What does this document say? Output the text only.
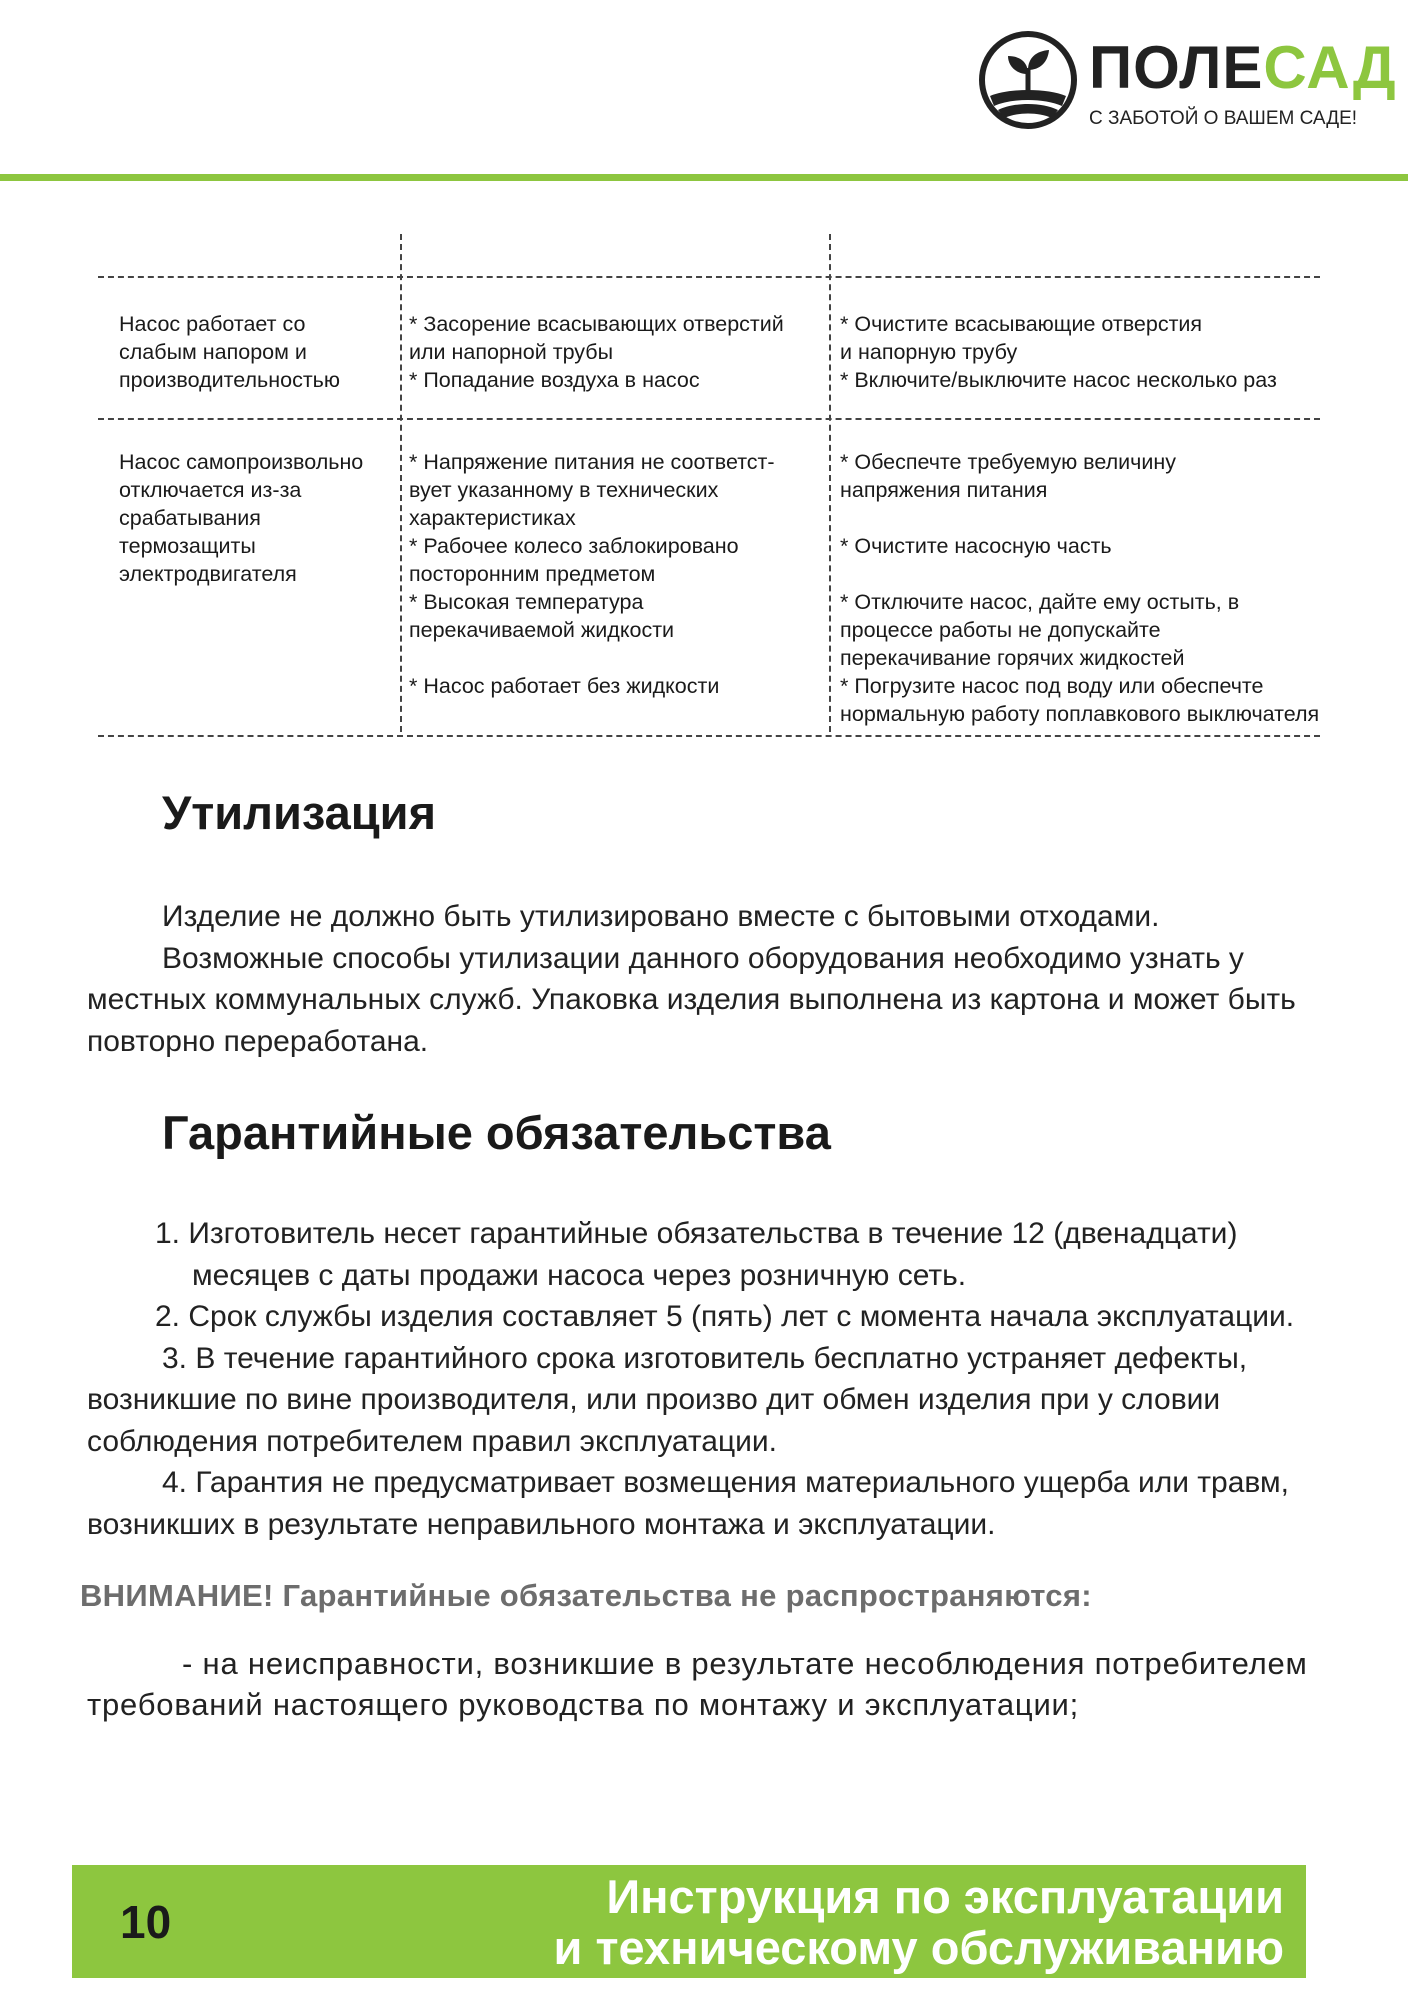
ПОЛЕСАД
С ЗАБОТОЙ О ВАШЕМ САДЕ!
Насос работает со
слабым напором и
производительностью
* Засорение всасывающих отверстий
или напорной трубы
* Попадание воздуха в насос
* Очистите всасывающие отверстия
и напорную трубу
* Включите/выключите насос несколько раз
Насос самопроизвольно
отключается из-за
срабатывания
термозащиты
электродвигателя
* Напряжение питания не соответст-
вует указанному в технических
характеристиках
* Рабочее колесо заблокировано
посторонним предметом
* Высокая температура
перекачиваемой жидкости

* Насос работает без жидкости
* Обеспечте требуемую величину
напряжения питания

* Очистите насосную часть

* Отключите насос, дайте ему остыть, в
процессе работы не допускайте
перекачивание горячих жидкостей
* Погрузите насос под воду или обеспечте
нормальную работу поплавкового выключателя
Утилизация

Изделие не должно быть утилизировано вместе с бытовыми отходами.
Возможные способы утилизации данного оборудования необходимо узнать у местных коммунальных служб. Упаковка изделия выполнена из картона и может быть повторно переработана.

Гарантийные обязательства

1. Изготовитель несет гарантийные обязательства в течение 12 (двенадцати)
месяцев с даты продажи насоса через розничную сеть.
2. Срок службы изделия составляет 5 (пять) лет с момента начала эксплуатации.
3. В течение гарантийного срока изготовитель бесплатно устраняет дефекты, возникшие по вине производителя, или произво дит обмен изделия при у словии соблюдения потребителем правил эксплуатации.
4. Гарантия не предусматривает возмещения материального ущерба или травм, возникших в результате неправильного монтажа и эксплуатации.

ВНИМАНИЕ! Гарантийные обязательства не распространяются:

- на неисправности, возникшие в результате несоблюдения потребителем требований настоящего руководства по монтажу и эксплуатации;

10	Инструкция по эксплуатации
и техническому обслуживанию
